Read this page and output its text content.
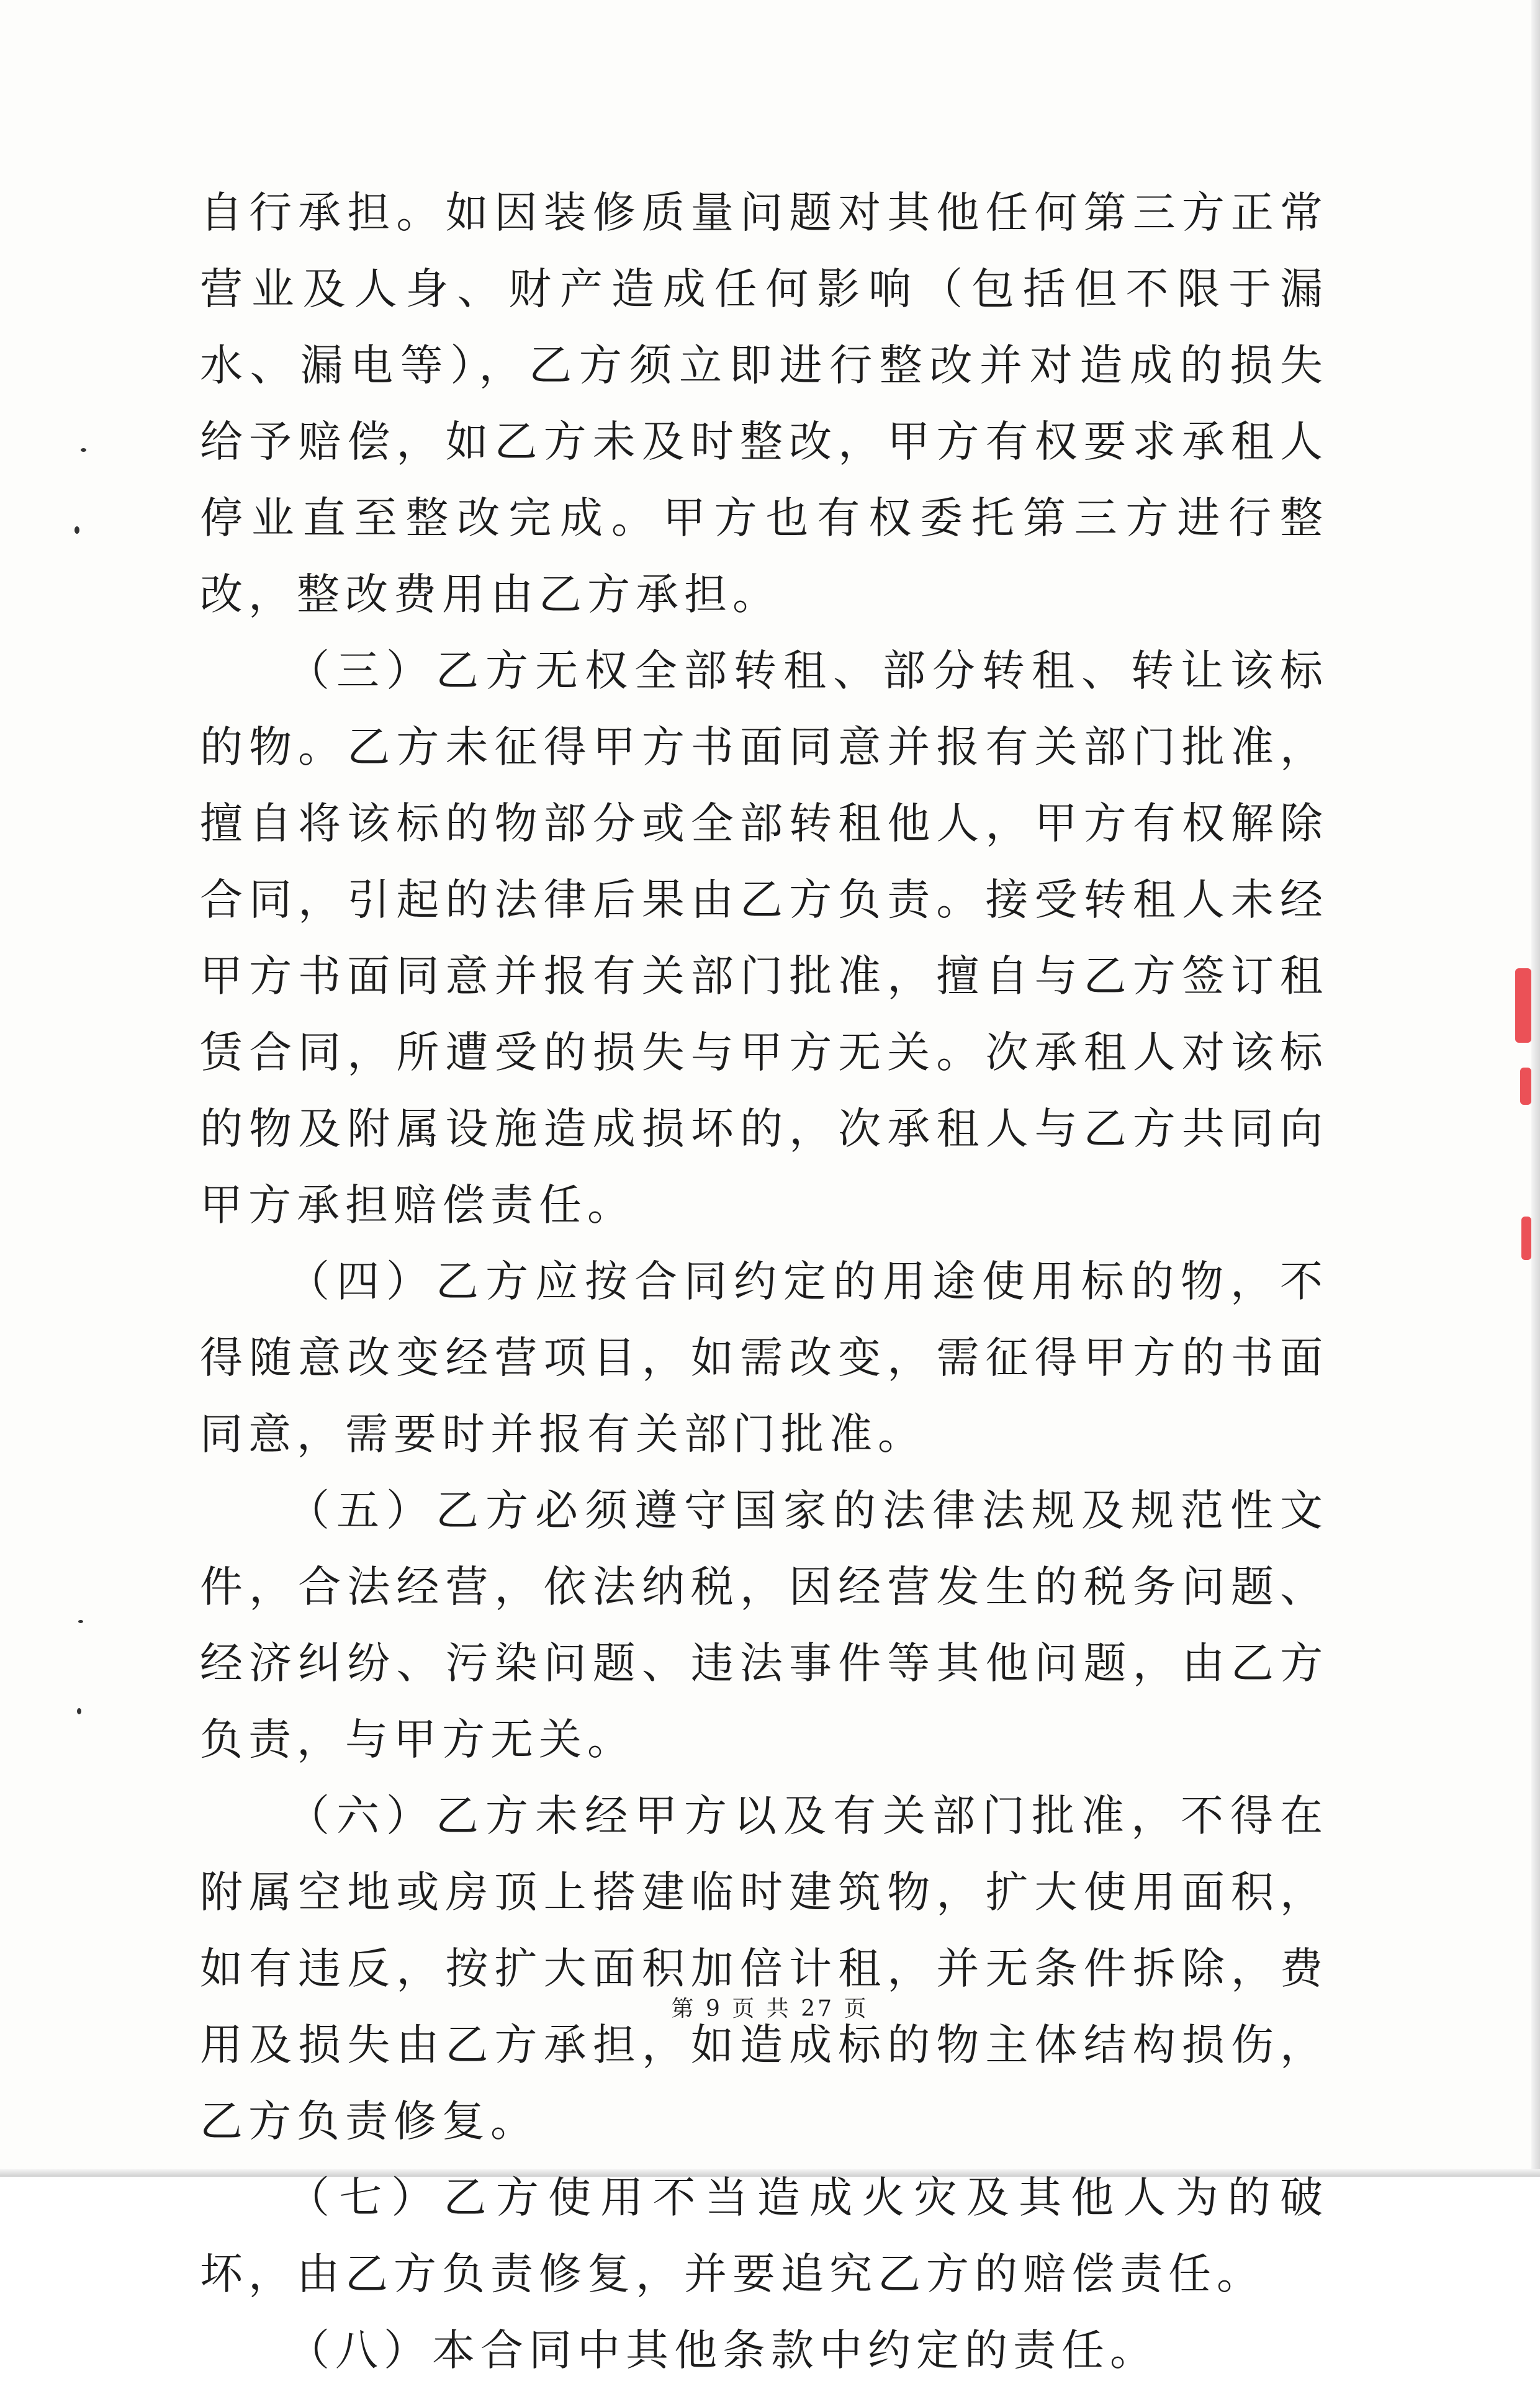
自行承担。如因装修质量问题对其他任何第三方正常营业及人身、财产造成任何影响（包括但不限于漏水、漏电等），乙方须立即进行整改并对造成的损失给予赔偿，如乙方未及时整改，甲方有权要求承租人停业直至整改完成。甲方也有权委托第三方进行整改，整改费用由乙方承担。

（三）乙方无权全部转租、部分转租、转让该标的物。乙方未征得甲方书面同意并报有关部门批准，擅自将该标的物部分或全部转租他人，甲方有权解除合同，引起的法律后果由乙方负责。接受转租人未经甲方书面同意并报有关部门批准，擅自与乙方签订租赁合同，所遭受的损失与甲方无关。次承租人对该标的物及附属设施造成损坏的，次承租人与乙方共同向甲方承担赔偿责任。

（四）乙方应按合同约定的用途使用标的物，不得随意改变经营项目，如需改变，需征得甲方的书面同意，需要时并报有关部门批准。

（五）乙方必须遵守国家的法律法规及规范性文件，合法经营，依法纳税，因经营发生的税务问题、经济纠纷、污染问题、违法事件等其他问题，由乙方负责，与甲方无关。

（六）乙方未经甲方以及有关部门批准，不得在附属空地或房顶上搭建临时建筑物，扩大使用面积，如有违反，按扩大面积加倍计租，并无条件拆除，费用及损失由乙方承担，如造成标的物主体结构损伤，乙方负责修复。

（七）乙方使用不当造成火灾及其他人为的破坏，由乙方负责修复，并要追究乙方的赔偿责任。

（八）本合同中其他条款中约定的责任。

第 9 页 共 27 页
